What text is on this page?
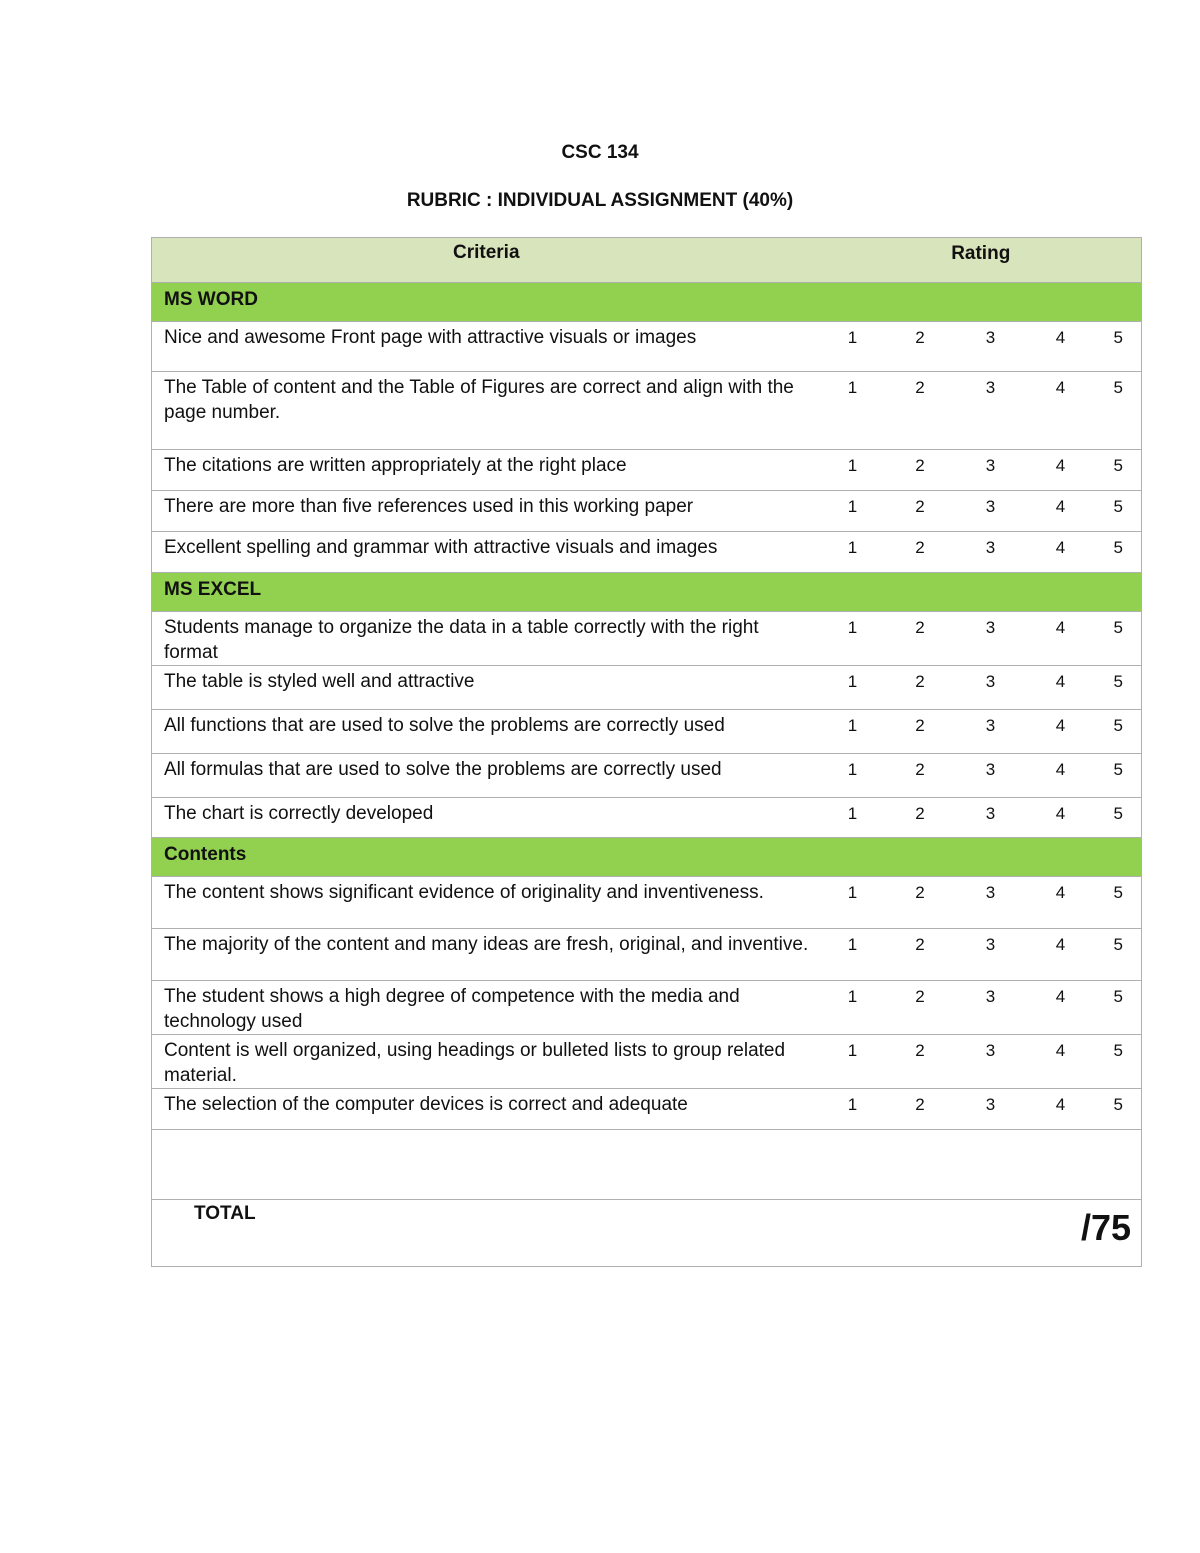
CSC 134
RUBRIC : INDIVIDUAL ASSIGNMENT (40%)
Criteria	Rating				

MS WORD					

Nice and awesome Front page with attractive visuals or images	1	2	3	4	5
The Table of content and the Table of Figures are correct and align with the page number.	1	2	3	4	5
The citations are written appropriately at the right place	1	2	3	4	5
There are more than five references used in this working paper	1	2	3	4	5
Excellent spelling and grammar with attractive visuals and images	1	2	3	4	5

MS EXCEL					

Students manage to organize the data in a table correctly with the right format	1	2	3	4	5
The table is styled well and attractive	1	2	3	4	5
All functions that are used to solve the problems are correctly used	1	2	3	4	5
All formulas that are used to solve the problems are correctly used	1	2	3	4	5
The chart is correctly developed	1	2	3	4	5

Contents					

The content shows significant evidence of originality and inventiveness.	1	2	3	4	5
The majority of the content and many ideas are fresh, original, and inventive.	1	2	3	4	5
The student shows a high degree of competence with the media and technology used	1	2	3	4	5
Content is well organized, using headings or bulleted lists to group related material.	1	2	3	4	5
The selection of the computer devices is correct and adequate	1	2	3	4	5

TOTAL				/75	
